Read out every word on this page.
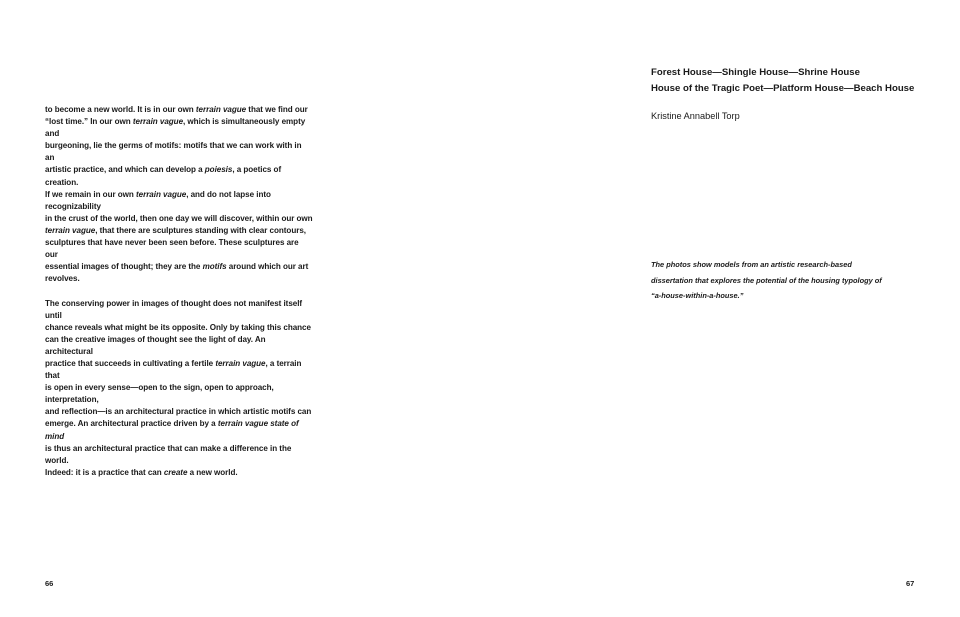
to become a new world. It is in our own terrain vague that we find our
“lost time.” In our own terrain vague, which is simultaneously empty and
burgeoning, lie the germs of motifs: motifs that we can work with in an
artistic practice, and which can develop a poiesis, a poetics of creation.
If we remain in our own terrain vague, and do not lapse into recognizability
in the crust of the world, then one day we will discover, within our own
terrain vague, that there are sculptures standing with clear contours,
sculptures that have never been seen before. These sculptures are our
essential images of thought; they are the motifs around which our art
revolves.

The conserving power in images of thought does not manifest itself until
chance reveals what might be its opposite. Only by taking this chance
can the creative images of thought see the light of day. An architectural
practice that succeeds in cultivating a fertile terrain vague, a terrain that
is open in every sense—open to the sign, open to approach, interpretation,
and reflection—is an architectural practice in which artistic motifs can
emerge. An architectural practice driven by a terrain vague state of mind
is thus an architectural practice that can make a difference in the world.
Indeed: it is a practice that can create a new world.

66
Forest House—Shingle House—Shrine House
House of the Tragic Poet—Platform House—Beach House
Kristine Annabell Torp
The photos show models from an artistic research-based
dissertation that explores the potential of the housing typology of
“a-house-within-a-house.”
67
